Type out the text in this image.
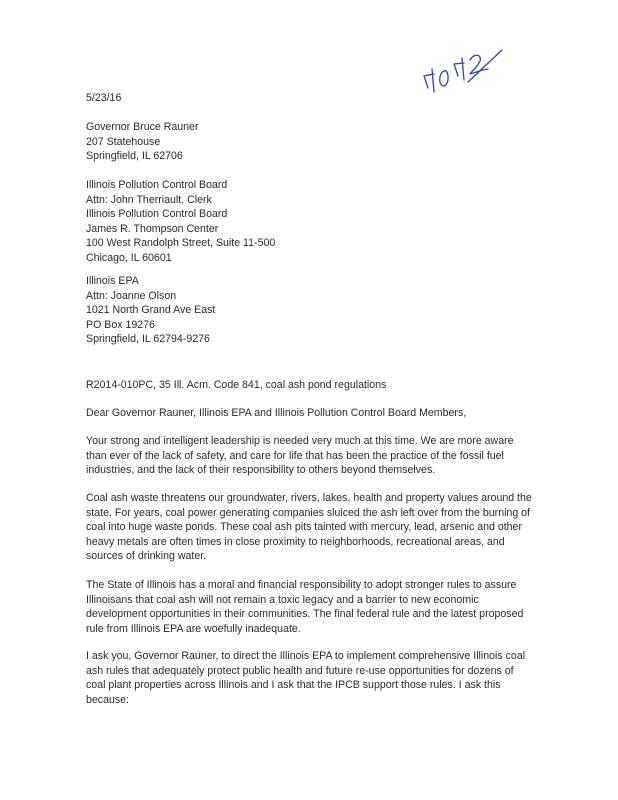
5/23/16
Governor Bruce Rauner
207 Statehouse
Springfield, IL 62706
Illinois Pollution Control Board
Attn: John Therriault, Clerk
Illinois Pollution Control Board
James R. Thompson Center
100 West Randolph Street, Suite 11-500
Chicago, IL 60601
Illinois EPA
Attn: Joanne Olson
1021 North Grand Ave East
PO Box 19276
Springfield, IL 62794-9276
R2014-010PC, 35 Ill. Acm. Code 841, coal ash pond regulations
Dear Governor Rauner, Illinois EPA and Illinois Pollution Control Board Members,
Your strong and intelligent leadership is needed very much at this time. We are more aware
than ever of the lack of safety, and care for life that has been the practice of the fossil fuel
industries, and the lack of their responsibility to others beyond themselves.
Coal ash waste threatens our groundwater, rivers, lakes, health and property values around the
state. For years, coal power generating companies sluiced the ash left over from the burning of
coal into huge waste ponds. These coal ash pits tainted with mercury, lead, arsenic and other
heavy metals are often times in close proximity to neighborhoods, recreational areas, and
sources of drinking water.
The State of Illinois has a moral and financial responsibility to adopt stronger rules to assure
Illinoisans that coal ash will not remain a toxic legacy and a barrier to new economic
development opportunities in their communities. The final federal rule and the latest proposed
rule from Illinois EPA are woefully inadequate.
I ask you, Governor Rauner, to direct the Illinois EPA to implement comprehensive Illinois coal
ash rules that adequately protect public health and future re-use opportunities for dozens of
coal plant properties across Illinois and I ask that the IPCB support those rules. I ask this
because:
